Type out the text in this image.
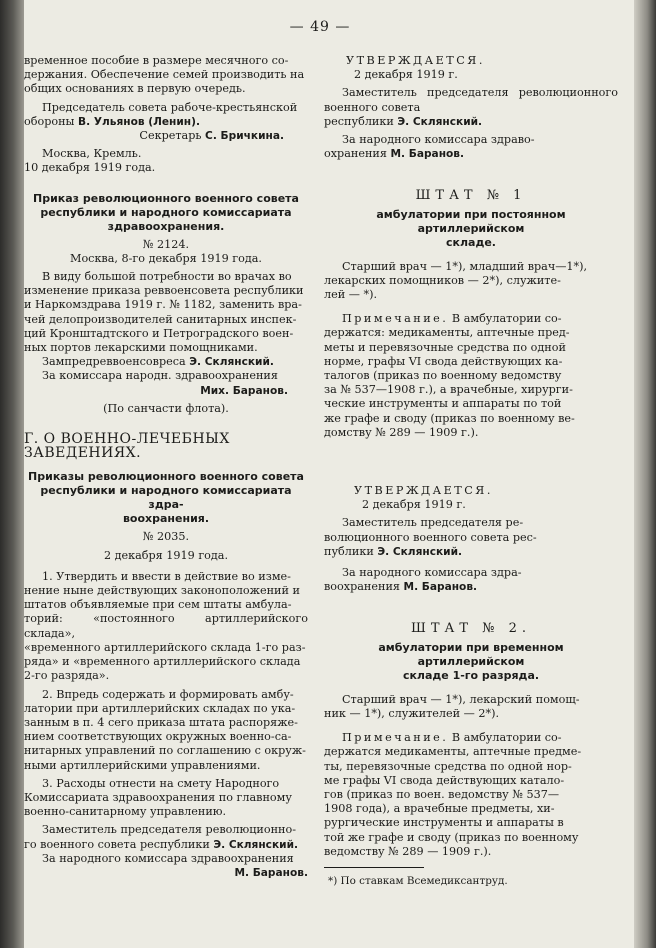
— 49 —

временное пособие в размере месячного со-

держания. Обеспечение семей производить на

общих основаниях в первую очередь.

Председатель совета рабоче-крестьянской

обороны В. Ульянов (Ленин).

Секретарь С. Бричкина.

Москва, Кремль.

10 декабря 1919 года.

Приказ революционного военного совета

республики и народного комиссариата

здравоохранения.

№ 2124.

Москва, 8-го декабря 1919 года.

В виду большой потребности во врачах во

изменение приказа реввоенсовета республики

и Наркомздрава 1919 г. № 1182, заменить вра-

чей делопроизводителей санитарных инспек-

ций Кронштадтского и Петроградского воен-

ных портов лекарскими помощниками.

Зампредреввоенсовреса Э. Склянский.

За комиссара народн. здравоохранения

Мих. Баранов.

(По санчасти флота).

Г. О ВОЕННО-ЛЕЧЕБНЫХ ЗАВЕДЕНИЯХ.

Приказы революционного военного совета

республики и народного комиссариата здра-

воохранения.

№ 2035.

2 декабря 1919 года.

1. Утвердить и ввести в действие во изме-

нение ныне действующих законоположений и

штатов объявляемые при сем штаты амбула-

торий: «постоянного артиллерийского склада»,

«временного артиллерийского склада 1-го раз-

ряда» и «временного артиллерийского склада

2-го разряда».

2. Впредь содержать и формировать амбу-

латории при артиллерийских складах по ука-

занным в п. 4 сего приказа штата распоряже-

нием соответствующих окружных военно-са-

нитарных управлений по соглашению с окруж-

ными артиллерийскими управлениями.

3. Расходы отнести на смету Народного

Комиссариата здравоохранения по главному

военно-санитарному управлению.

Заместитель председателя революционно-

го военного совета республики Э. Склянский.

За народного комиссара здравоохранения

М. Баранов.

УТВЕРЖДАЕТСЯ.

2 декабря 1919 г.

Заместитель председателя революционного военного совета

республики Э. Склянский.

За народного комиссара здраво-

охранения М. Баранов.

ШТАТ № 1

амбулатории при постоянном артиллерийском

складе.

Старший врач — 1*), младший врач—1*),

лекарских помощников — 2*), служите-

лей — *).

Примечание. В амбулатории со-

держатся: медикаменты, аптечные пред-

меты и перевязочные средства по одной

норме, графы VI свода действующих ка-

талогов (приказ по военному ведомству

за № 537—1908 г.), а врачебные, хирурги-

ческие инструменты и аппараты по той

же графе и своду (приказ по военному ве-

домству № 289 — 1909 г.).

УТВЕРЖДАЕТСЯ.

2 декабря 1919 г.

Заместитель председателя ре-

волюционного военного совета рес-

публики Э. Склянский.

За народного комиссара здра-

воохранения М. Баранов.

ШТАТ № 2.

амбулатории при временном артиллерийском

складе 1-го разряда.

Старший врач — 1*), лекарский помощ-

ник — 1*), служителей — 2*).

Примечание. В амбулатории со-

держатся медикаменты, аптечные предме-

ты, перевязочные средства по одной нор-

ме графы VI свода действующих катало-

гов (приказ по воен. ведомству № 537—

1908 года), а врачебные предметы, хи-

рургические инструменты и аппараты в

той же графе и своду (приказ по военному

ведомству № 289 — 1909 г.).

*) По ставкам Всемедиксантруд.
